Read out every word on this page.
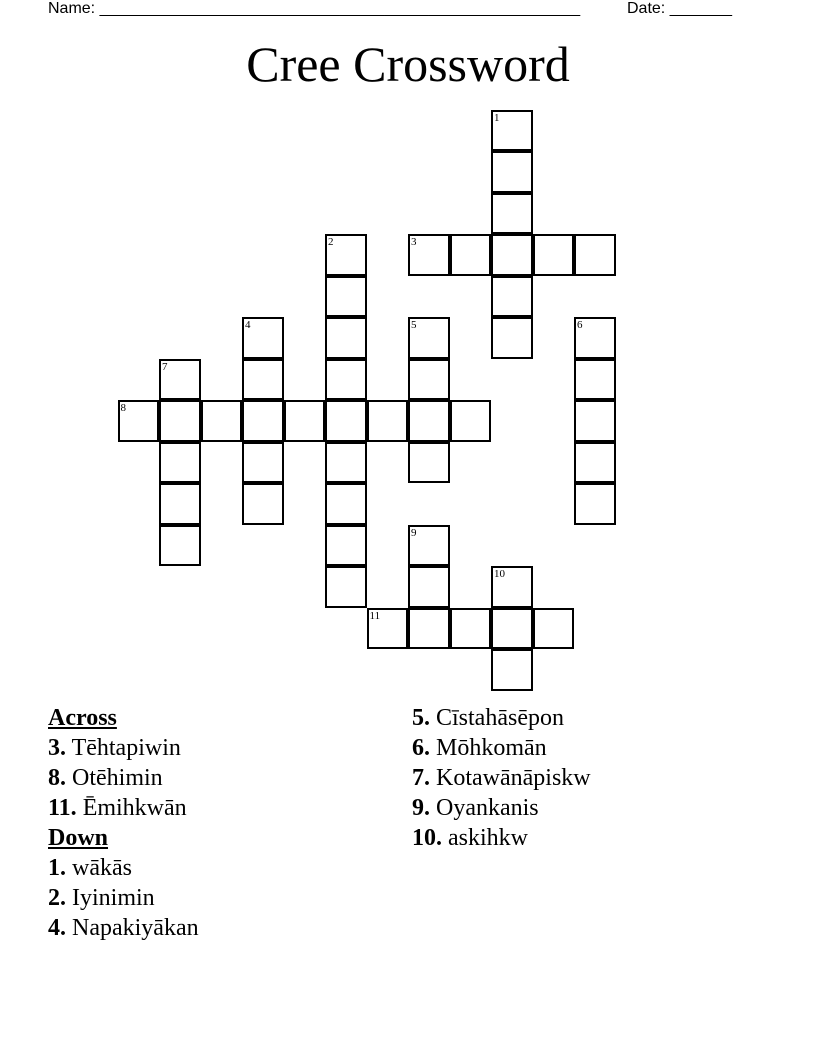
Name: ______________________________________________________	Date: _______
Cree Crossword
1
3
2
4	5	6
7
8
9
10
11
Across
3. Tēhtapiwin
8. Otēhimin
11. Ēmihkwān
Down
1. wākās
2. Iyinimin
4. Napakiyākan
5. Cīstahāsēpon
6. Mōhkomān
7. Kotawānāpiskw
9. Oyankanis
10. askihkw
